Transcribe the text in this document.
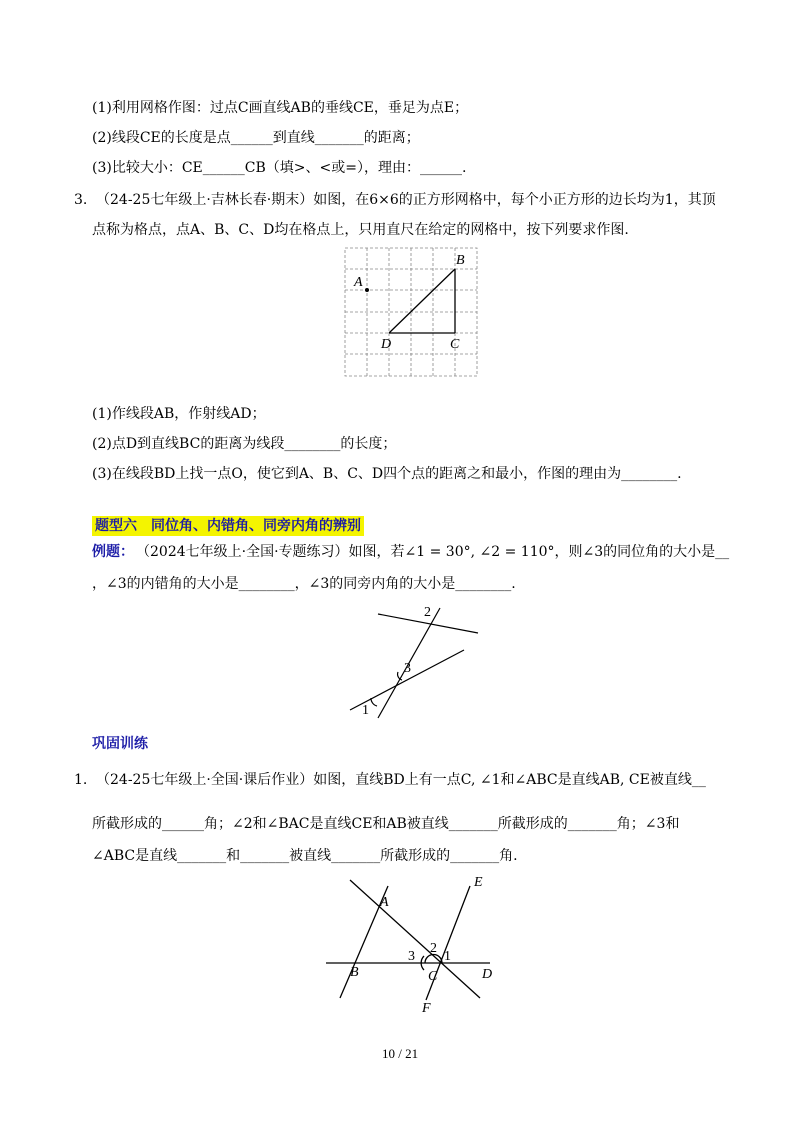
(1)利用网格作图：过点C画直线AB的垂线CE，垂足为点E；
(2)线段CE的长度是点______到直线_______的距离；
(3)比较大小：CE______CB（填>、<或=），理由：______.
3. （24-25七年级上·吉林长春·期末）如图，在6×6的正方形网格中，每个小正方形的边长均为1，其顶
点称为格点，点A、B、C、D均在格点上，只用直尺在给定的网格中，按下列要求作图.
A
B
C
D
(1)作线段AB，作射线AD；
(2)点D到直线BC的距离为线段________的长度；
(3)在线段BD上找一点O，使它到A、B、C、D四个点的距离之和最小，作图的理由为________.
题型六　同位角、内错角、同旁内角的辨别
例题： （2024七年级上·全国·专题练习）如图，若∠1 = 30°, ∠2 = 110°，则∠3的同位角的大小是__
，∠3的内错角的大小是________，∠3的同旁内角的大小是________.
2
3
1
巩固训练
1. （24-25七年级上·全国·课后作业）如图，直线BD上有一点C, ∠1和∠ABC是直线AB, CE被直线__
所截形成的______角；∠2和∠BAC是直线CE和AB被直线_______所截形成的_______角；∠3和
∠ABC是直线_______和_______被直线_______所截形成的_______角.
A
B	C	D
E
F
3
2
1
10 / 21
